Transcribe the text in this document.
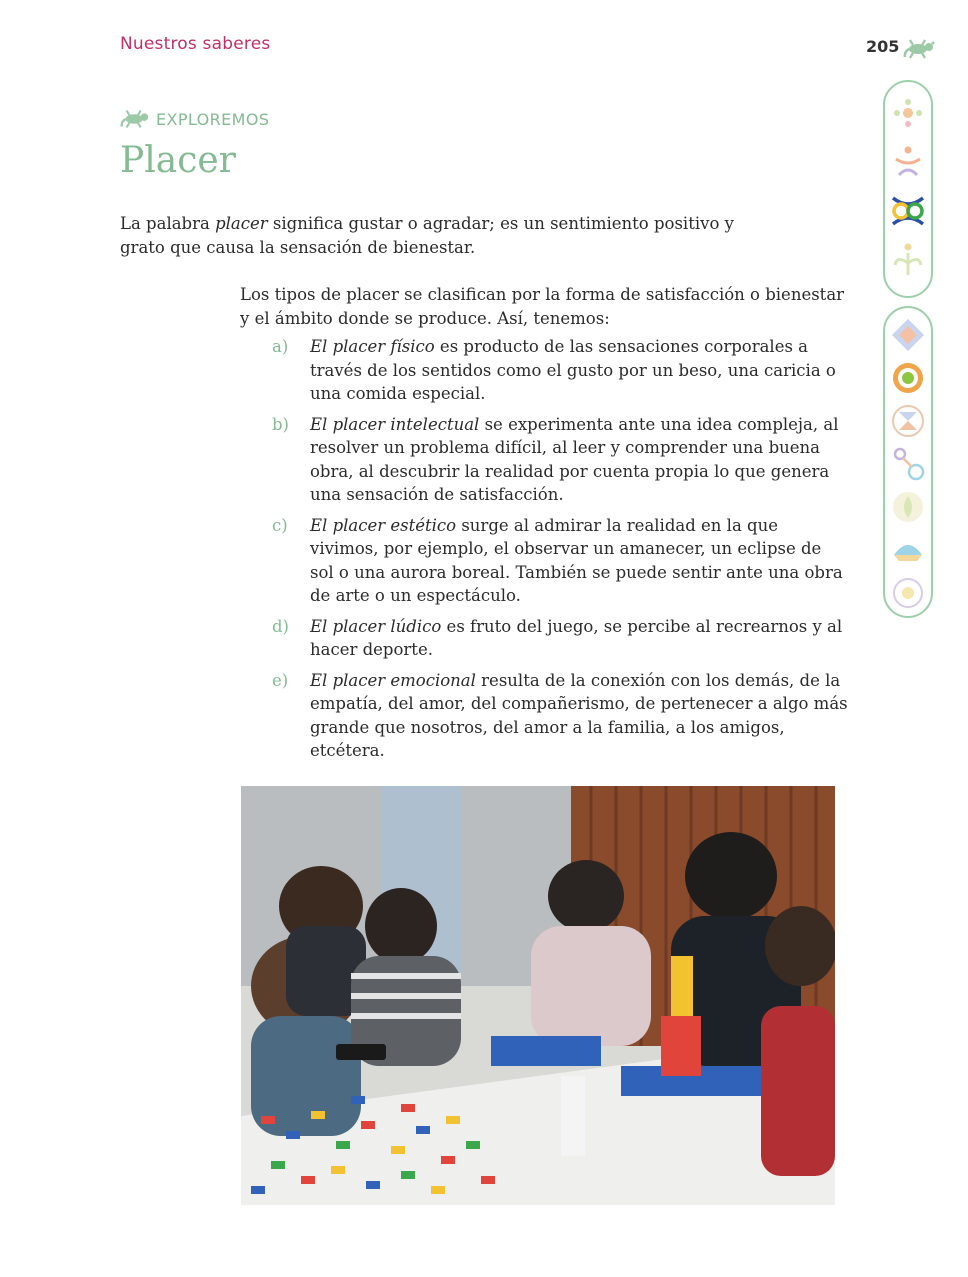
Nuestros saberes	205
EXPLOREMOS
Placer

La palabra placer significa gustar o agradar; es un sentimiento positivo y grato que causa la sensación de bienestar.

Los tipos de placer se clasifican por la forma de satisfacción o bienestar y el ámbito donde se produce. Así, tenemos:

a)	El placer físico es producto de las sensaciones corporales a través de los sentidos como el gusto por un beso, una caricia o una comida especial.
b)	El placer intelectual se experimenta ante una idea compleja, al resolver un problema difícil, al leer y comprender una buena obra, al descubrir la realidad por cuenta propia lo que genera una sensación de satisfacción.
c)	El placer estético surge al admirar la realidad en la que vivimos, por ejemplo, el observar un amanecer, un eclipse de sol o una aurora boreal. También se puede sentir ante una obra de arte o un espectáculo.
d)	El placer lúdico es fruto del juego, se percibe al recrearnos y al hacer deporte.
e)	El placer emocional resulta de la conexión con los demás, de la empatía, del amor, del compañerismo, de pertenecer a algo más grande que nosotros, del amor a la familia, a los amigos, etcétera.
